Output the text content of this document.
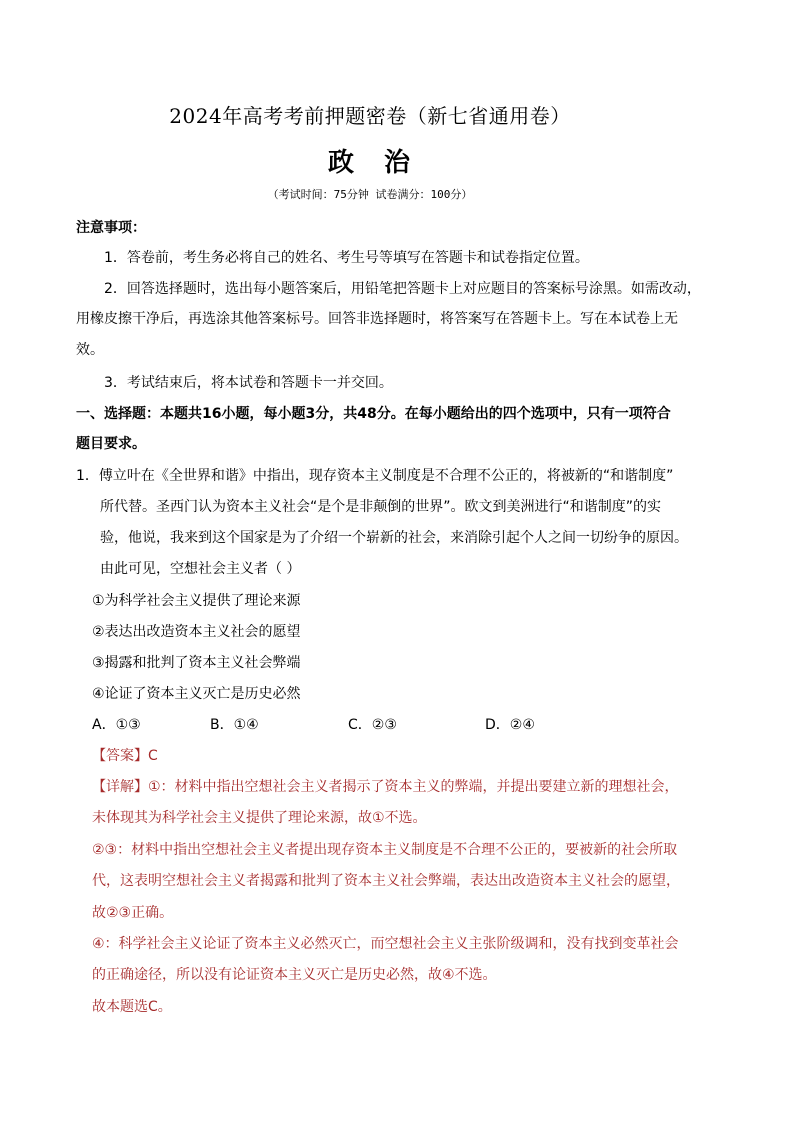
2024年高考考前押题密卷（新七省通用卷）
政治
（考试时间：75分钟 试卷满分：100分）
注意事项：
1．答卷前，考生务必将自己的姓名、考生号等填写在答题卡和试卷指定位置。
2．回答选择题时，选出每小题答案后，用铅笔把答题卡上对应题目的答案标号涂黑。如需改动，
用橡皮擦干净后，再选涂其他答案标号。回答非选择题时，将答案写在答题卡上。写在本试卷上无
效。
3．考试结束后，将本试卷和答题卡一并交回。
一、选择题：本题共16小题，每小题3分，共48分。在每小题给出的四个选项中，只有一项符合
题目要求。
1．傅立叶在《全世界和谐》中指出，现存资本主义制度是不合理不公正的，将被新的“和谐制度”
所代替。圣西门认为资本主义社会“是个是非颠倒的世界”。欧文到美洲进行“和谐制度”的实
验，他说，我来到这个国家是为了介绍一个崭新的社会，来消除引起个人之间一切纷争的原因。
由此可见，空想社会主义者（ ）
①为科学社会主义提供了理论来源
②表达出改造资本主义社会的愿望
③揭露和批判了资本主义社会弊端
④论证了资本主义灭亡是历史必然
A．①③	B．①④	C．②③	D．②④
【答案】C
【详解】①：材料中指出空想社会主义者揭示了资本主义的弊端，并提出要建立新的理想社会，
未体现其为科学社会主义提供了理论来源，故①不选。
②③：材料中指出空想社会主义者提出现存资本主义制度是不合理不公正的，要被新的社会所取
代，这表明空想社会主义者揭露和批判了资本主义社会弊端，表达出改造资本主义社会的愿望，
故②③正确。
④：科学社会主义论证了资本主义必然灭亡，而空想社会主义主张阶级调和，没有找到变革社会
的正确途径，所以没有论证资本主义灭亡是历史必然，故④不选。
故本题选C。
